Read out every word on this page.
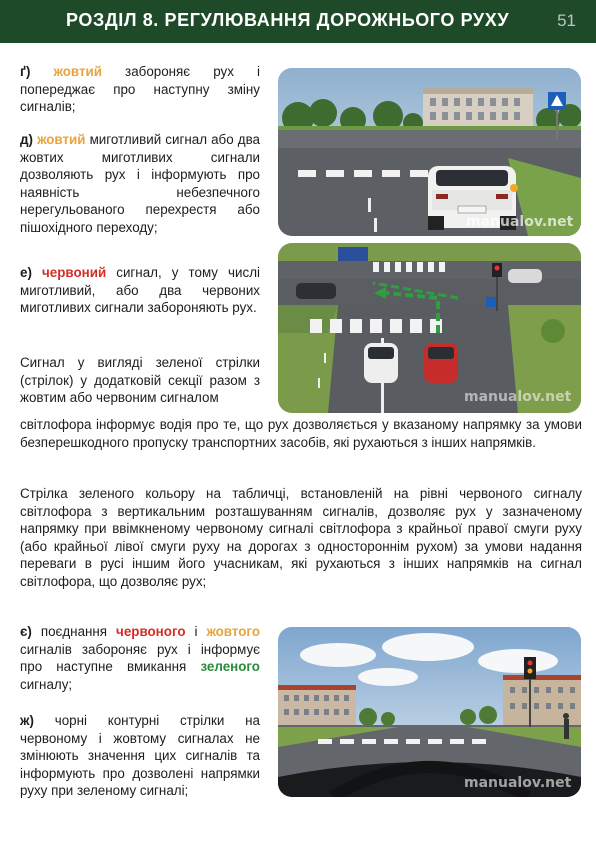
РОЗДІЛ 8. РЕГУЛЮВАННЯ ДОРОЖНЬОГО РУХУ	51
ґ) жовтий забороняє рух і попереджає про наступну зміну сигналів;
д) жовтий миготливий сигнал або два жовтих миготливих сигнали дозволяють рух і інформують про наявність небезпечного нерегульованого перехрестя або пішохідного переходу;
е) червоний сигнал, у тому числі миготливий, або два червоних миготливих сигнали забороняють рух.
Сигнал у вигляді зеленої стрілки (стрілок) у додатковій секції разом з жовтим або червоним сигналом
світлофора інформує водія про те, що рух дозволяється у вказаному напрямку за умови безперешкодного пропуску транспортних засобів, які рухаються з інших напрямків.
Стрілка зеленого кольору на табличці, встановленій на рівні червоного сигналу світлофора з вертикальним розташуванням сигналів, дозволяє рух у зазначеному напрямку при ввімкненому червоному сигналі світлофора з крайньої правої смуги руху (або крайньої лівої смуги руху на дорогах з одностороннім рухом) за умови надання переваги в русі іншим його учасникам, які рухаються з інших напрямків на сигнал світлофора, що дозволяє рух;
є) поєднання червоного і жовтого сигналів забороняє рух і інформує про наступне вмикання зеленого сигналу;
ж) чорні контурні стрілки на червоному і жовтому сигналах не змінюють значення цих сигналів та інформують про дозволені напрямки руху при зеленому сигналі;
manualov.net
manualov.net
manualov.net
